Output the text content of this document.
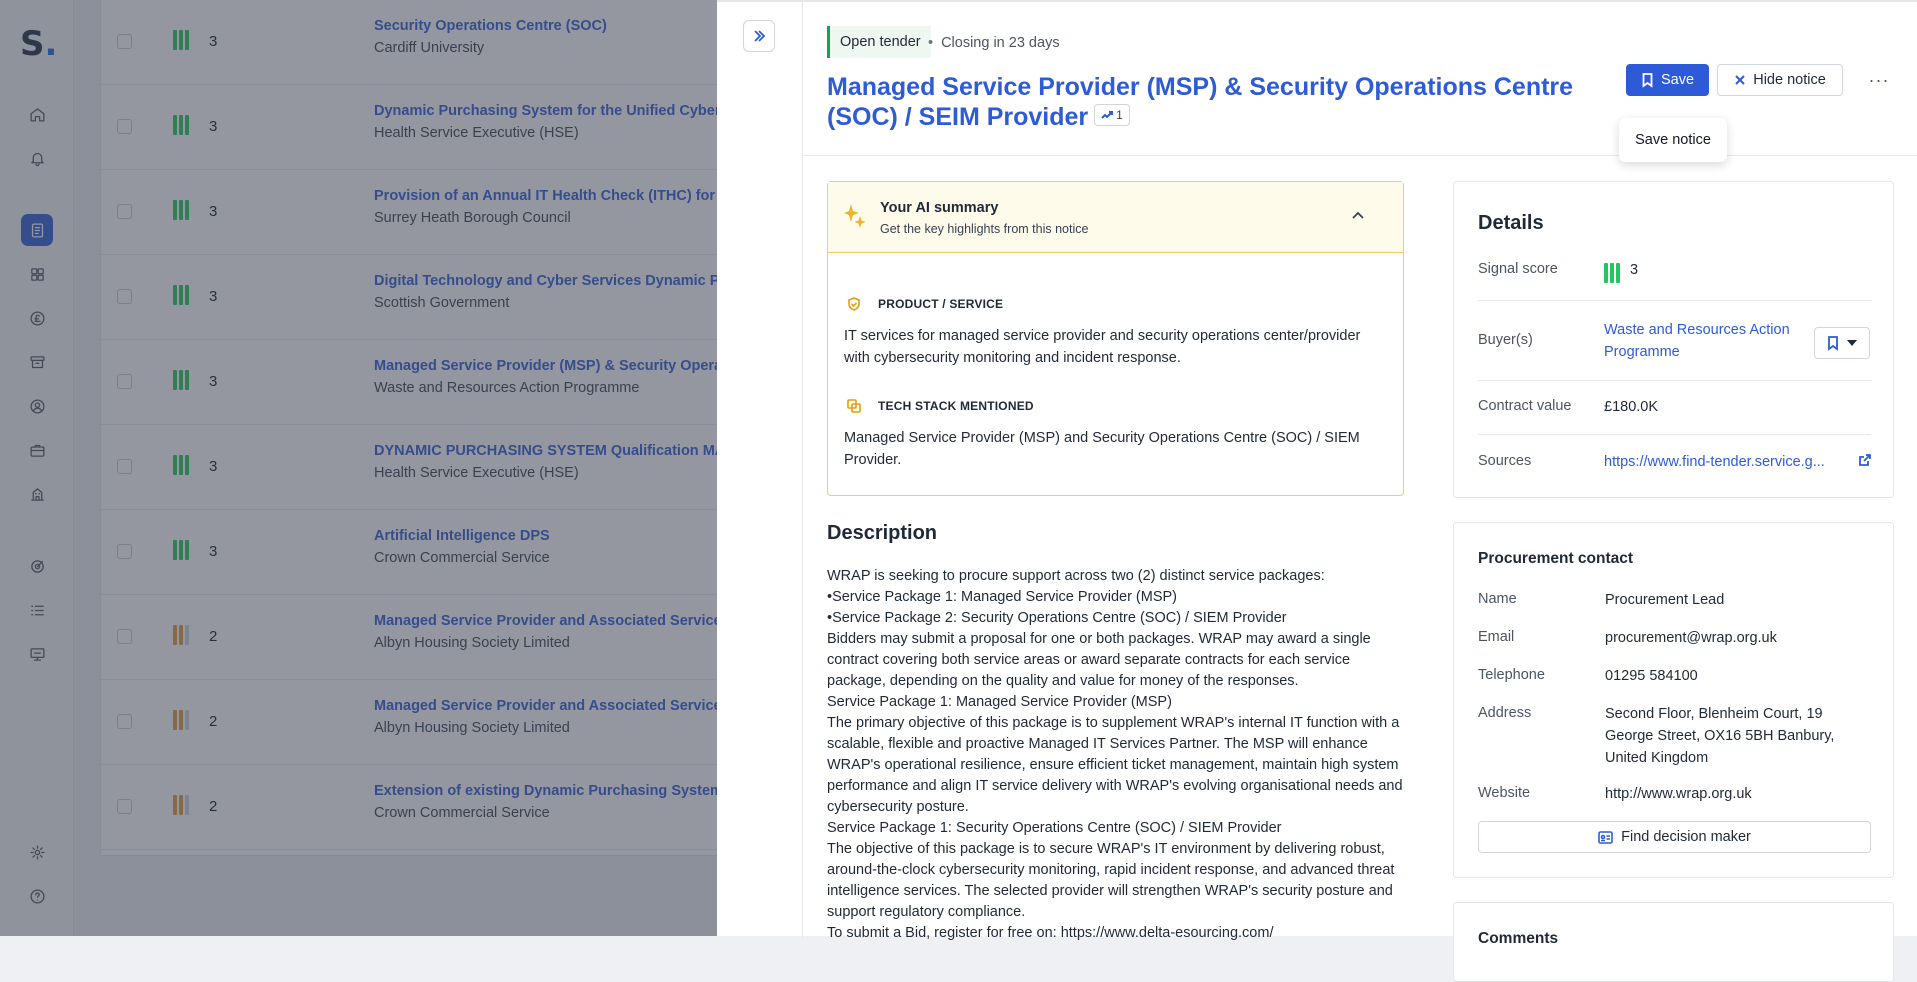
Open tender
•	Closing in 23 days
Managed Service Provider (MSP) & Security Operations Centre (SOC) / SEIM Provider 1
Save	Hide notice	···
Save notice
Your AI summary
Get the key highlights from this notice
PRODUCT / SERVICE
IT services for managed service provider and security operations center/provider with cybersecurity monitoring and incident response.
TECH STACK MENTIONED
Managed Service Provider (MSP) and Security Operations Centre (SOC) / SIEM Provider.
Description

WRAP is seeking to procure support across two (2) distinct service packages:

•Service Package 1: Managed Service Provider (MSP)

•Service Package 2: Security Operations Centre (SOC) / SIEM Provider

Bidders may submit a proposal for one or both packages. WRAP may award a single contract covering both service areas or award separate contracts for each service package, depending on the quality and value for money of the responses.

Service Package 1: Managed Service Provider (MSP)

The primary objective of this package is to supplement WRAP's internal IT function with a scalable, flexible and proactive Managed IT Services Partner. The MSP will enhance WRAP's operational resilience, ensure efficient ticket management, maintain high system performance and align IT service delivery with WRAP's evolving organisational needs and cybersecurity posture.

Service Package 1: Security Operations Centre (SOC) / SIEM Provider

The objective of this package is to secure WRAP's IT environment by delivering robust, around-the-clock cybersecurity monitoring, rapid incident response, and advanced threat intelligence services. The selected provider will strengthen WRAP's security posture and support regulatory compliance.

To submit a Bid, register for free on: https://www.delta-esourcing.com/

Details
Signal score	3
Buyer(s)
Waste and Resources Action Programme
Contract value £180.0K
Sources	https://www.find-tender.service.g...
Procurement contact
Name	Procurement Lead
Email	procurement@wrap.org.uk
Telephone	01295 584100
Address	Second Floor, Blenheim Court, 19 George Street, OX16 5BH Banbury, United Kingdom
Website	http://www.wrap.org.uk
Find decision maker
Comments
